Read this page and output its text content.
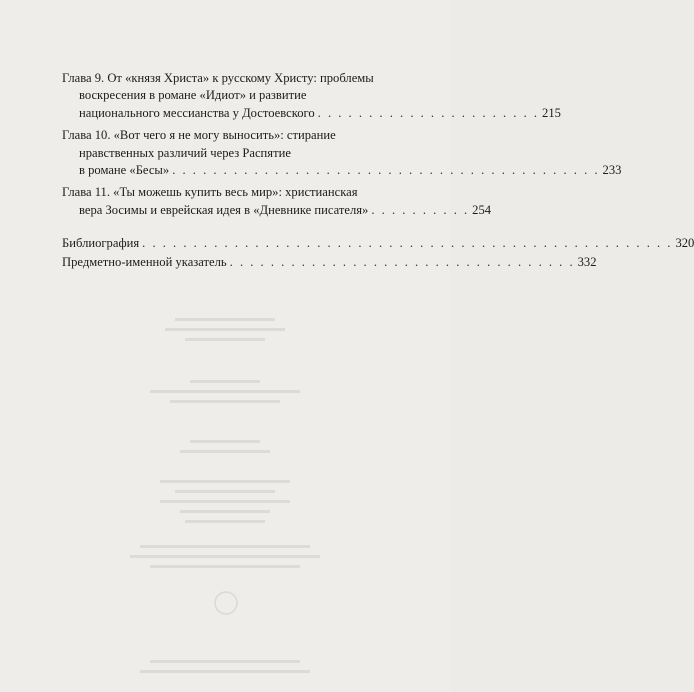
Глава 9. От «князя Христа» к русскому Христу: проблемы
воскресения в романе «Идиот» и развитие
национального мессианства у Достоевского . . . . . . . . . . . . . . . . . . . . . . 215
Глава 10. «Вот чего я не могу выносить»: стирание
нравственных различий через Распятие
в романе «Бесы» . . . . . . . . . . . . . . . . . . . . . . . . . . . . . . . . . . . . . . . . . . 233
Глава 11. «Ты можешь купить весь мир»: христианская
вера Зосимы и еврейская идея в «Дневнике писателя» . . . . . . . . . . 254
Библиография . . . . . . . . . . . . . . . . . . . . . . . . . . . . . . . . . . . . . . . . . . . . . . . . . . . . 320
Предметно-именной указатель . . . . . . . . . . . . . . . . . . . . . . . . . . . . . . . . . . 332
